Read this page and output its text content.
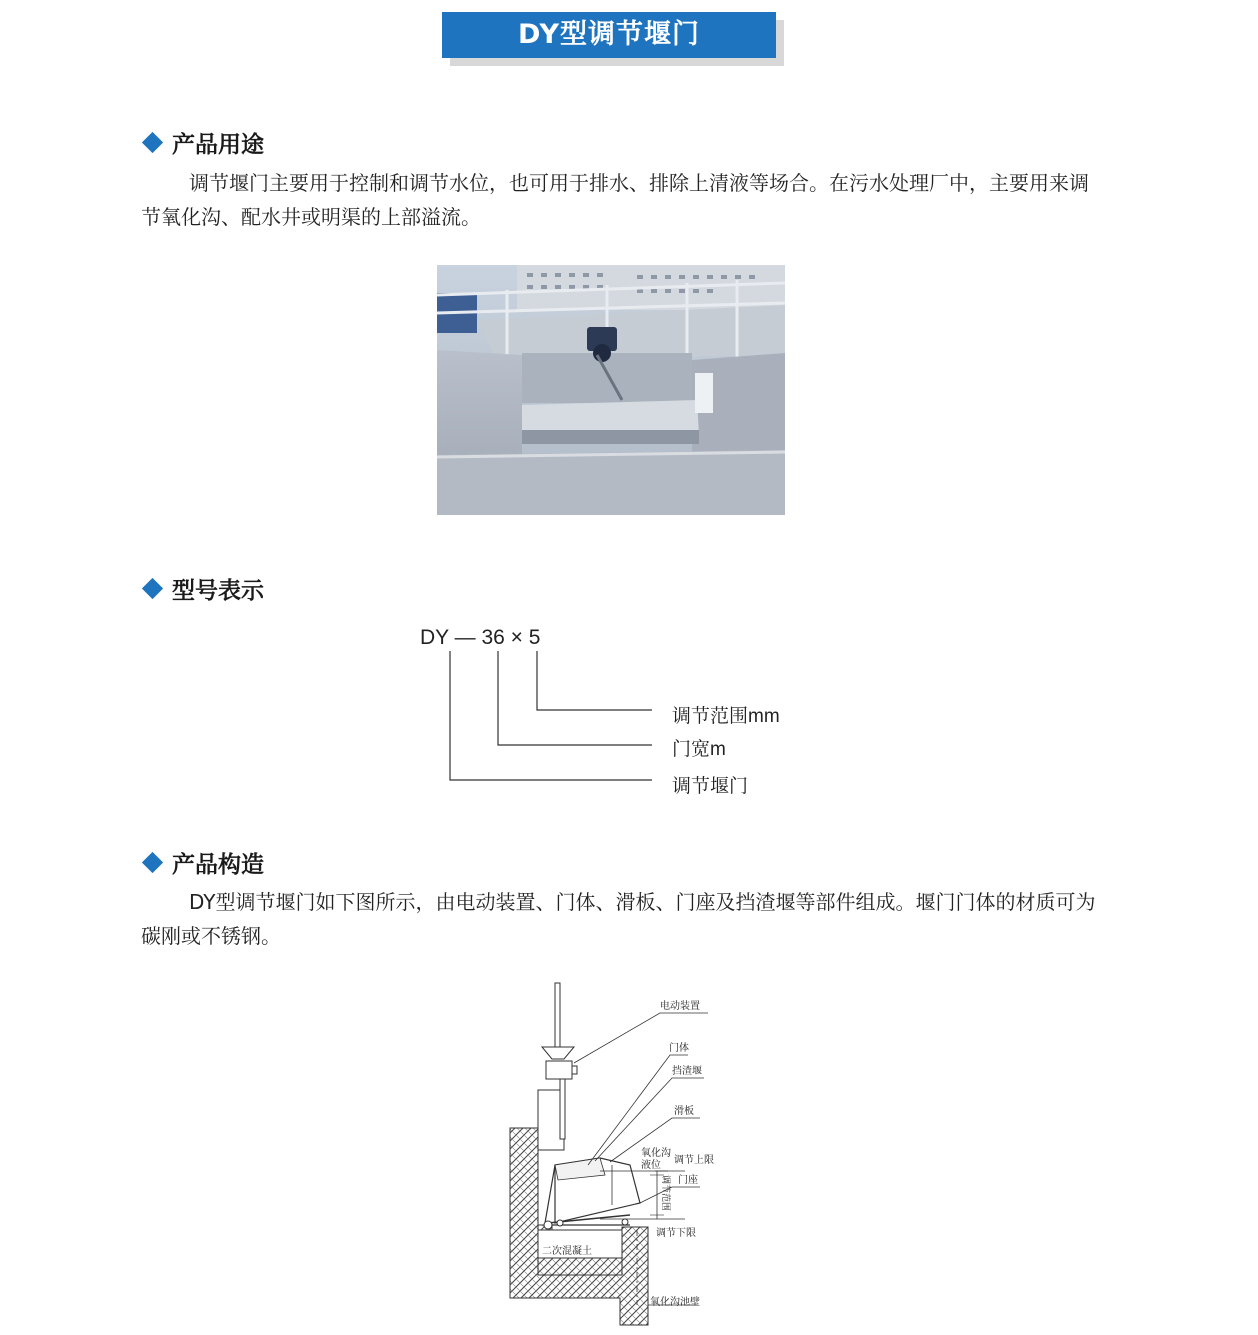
DY型调节堰门
产品用途

调节堰门主要用于控制和调节水位，也可用于排水、排除上清液等场合。在污水处理厂中，主要用来调节氧化沟、配水井或明渠的上部溢流。

型号表示
DY — 36 × 5
调节范围mm
门宽m
调节堰门
产品构造

DY型调节堰门如下图所示，由电动装置、门体、滑板、门座及挡渣堰等部件组成。堰门门体的材质可为碳刚或不锈钢。

电动装置
门体
挡渣堰
滑板
氧化沟
液位 调节上限
门座
调节下限
二次混凝土
氧化沟池壁
调节范围
